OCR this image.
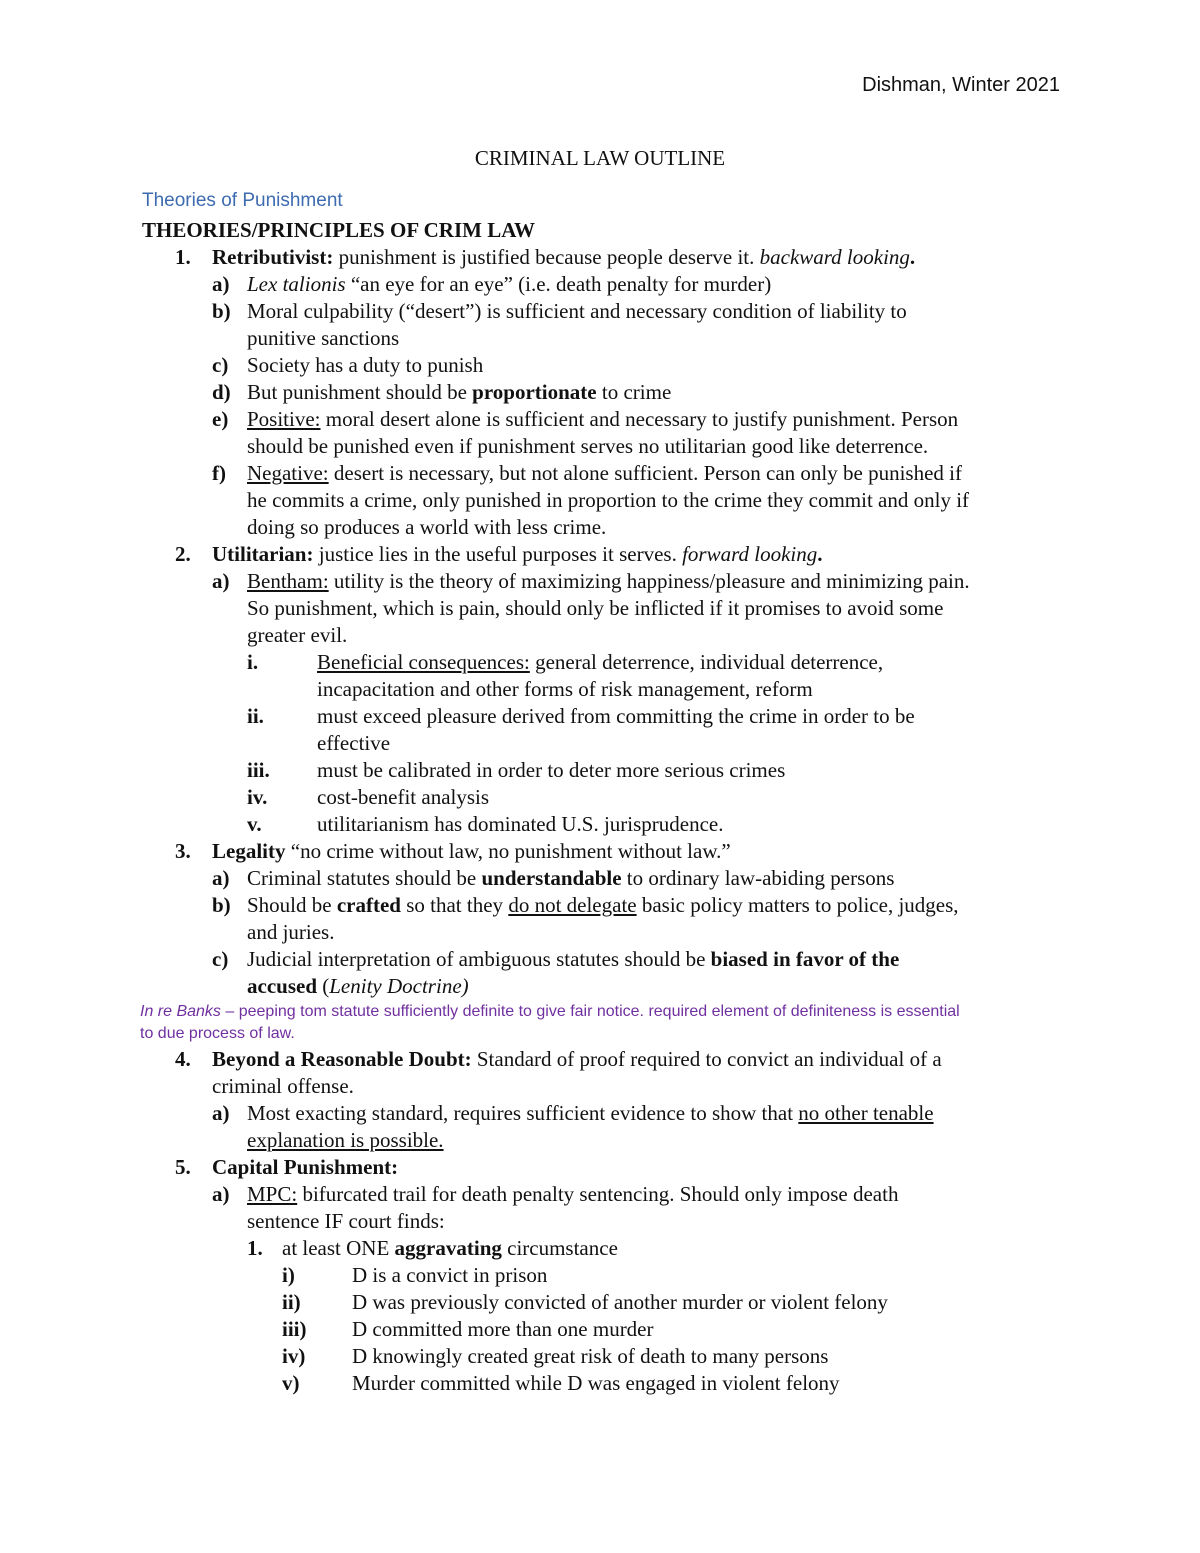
Dishman, Winter 2021
CRIMINAL LAW OUTLINE
Theories of Punishment
THEORIES/PRINCIPLES OF CRIM LAW
1. Retributivist: punishment is justified because people deserve it. backward looking.
a) Lex talionis “an eye for an eye” (i.e. death penalty for murder)
b) Moral culpability (“desert”) is sufficient and necessary condition of liability to
punitive sanctions
c) Society has a duty to punish
d) But punishment should be proportionate to crime
e) Positive: moral desert alone is sufficient and necessary to justify punishment. Person
should be punished even if punishment serves no utilitarian good like deterrence.
f) Negative: desert is necessary, but not alone sufficient. Person can only be punished if
he commits a crime, only punished in proportion to the crime they commit and only if
doing so produces a world with less crime.
2. Utilitarian: justice lies in the useful purposes it serves. forward looking.
a) Bentham: utility is the theory of maximizing happiness/pleasure and minimizing pain.
So punishment, which is pain, should only be inflicted if it promises to avoid some
greater evil.
i.	Beneficial consequences: general deterrence, individual deterrence,
incapacitation and other forms of risk management, reform
ii.	must exceed pleasure derived from committing the crime in order to be
effective
iii. must be calibrated in order to deter more serious crimes
iv. cost-benefit analysis
v.	utilitarianism has dominated U.S. jurisprudence.
3. Legality “no crime without law, no punishment without law.”
a) Criminal statutes should be understandable to ordinary law-abiding persons
b) Should be crafted so that they do not delegate basic policy matters to police, judges,
and juries.
c) Judicial interpretation of ambiguous statutes should be biased in favor of the
accused (Lenity Doctrine)
In re Banks – peeping tom statute sufficiently definite to give fair notice. required element of definiteness is essential
to due process of law.
4. Beyond a Reasonable Doubt: Standard of proof required to convict an individual of a
criminal offense.
a) Most exacting standard, requires sufficient evidence to show that no other tenable
explanation is possible.
5. Capital Punishment:
a) MPC: bifurcated trail for death penalty sentencing. Should only impose death
sentence IF court finds:
1. at least ONE aggravating circumstance
i)	D is a convict in prison
ii) D was previously convicted of another murder or violent felony
iii) D committed more than one murder
iv) D knowingly created great risk of death to many persons
v)	Murder committed while D was engaged in violent felony
